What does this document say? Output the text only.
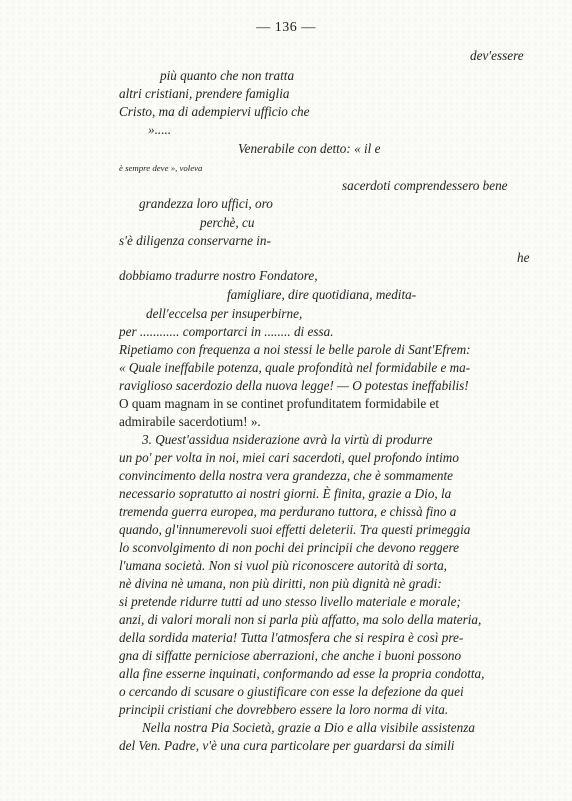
— 136 —
dev'essere
più quanto che non tratta
altri cristiani, prendere famiglia
Cristo, ma di adempiervi ufficio che
».....
Venerabile con detto: « il e
è sempre deve », voleva
sacerdoti comprendessero bene
grandezza loro uffici, oro
perchè, cu
s'è diligenza conservarne in-
he
dobbiamo tradurre nostro Fondatore,
famigliare, dire quotidiana, medita-
dell'eccelsa per insuperbirne,
per ............ comportarci in ........ di essa.
Ripetiamo con frequenza a noi stessi le belle parole di Sant'Efrem:
« Quale ineffabile potenza, quale profondità nel formidabile e ma-
raviglioso sacerdozio della nuova legge! — O potestas ineffabilis!
O quam magnam in se continet profunditatem formidabile et
admirabile sacerdotium! ».
3. Quest'assidua nsiderazione avrà la virtù di produrre
un po' per volta in noi, miei cari sacerdoti, quel profondo intimo
convincimento della nostra vera grandezza, che è sommamente
necessario sopratutto ai nostri giorni. È finita, grazie a Dio, la
tremenda guerra europea, ma perdurano tuttora, e chissà fino a
quando, gl'innumerevoli suoi effetti deleterii. Tra questi primeggia
lo sconvolgimento di non pochi dei principii che devono reggere
l'umana società. Non si vuol più riconoscere autorità di sorta,
nè divina nè umana, non più diritti, non più dignità nè gradi:
si pretende ridurre tutti ad uno stesso livello materiale e morale;
anzi, di valori morali non si parla più affatto, ma solo della materia,
della sordida materia! Tutta l'atmosfera che si respira è così pre-
gna di siffatte perniciose aberrazioni, che anche i buoni possono
alla fine esserne inquinati, conformando ad esse la propria condotta,
o cercando di scusare o giustificare con esse la defezione da quei
principii cristiani che dovrebbero essere la loro norma di vita.
Nella nostra Pia Società, grazie a Dio e alla visibile assistenza
del Ven. Padre, v'è una cura particolare per guardarsi da simili
